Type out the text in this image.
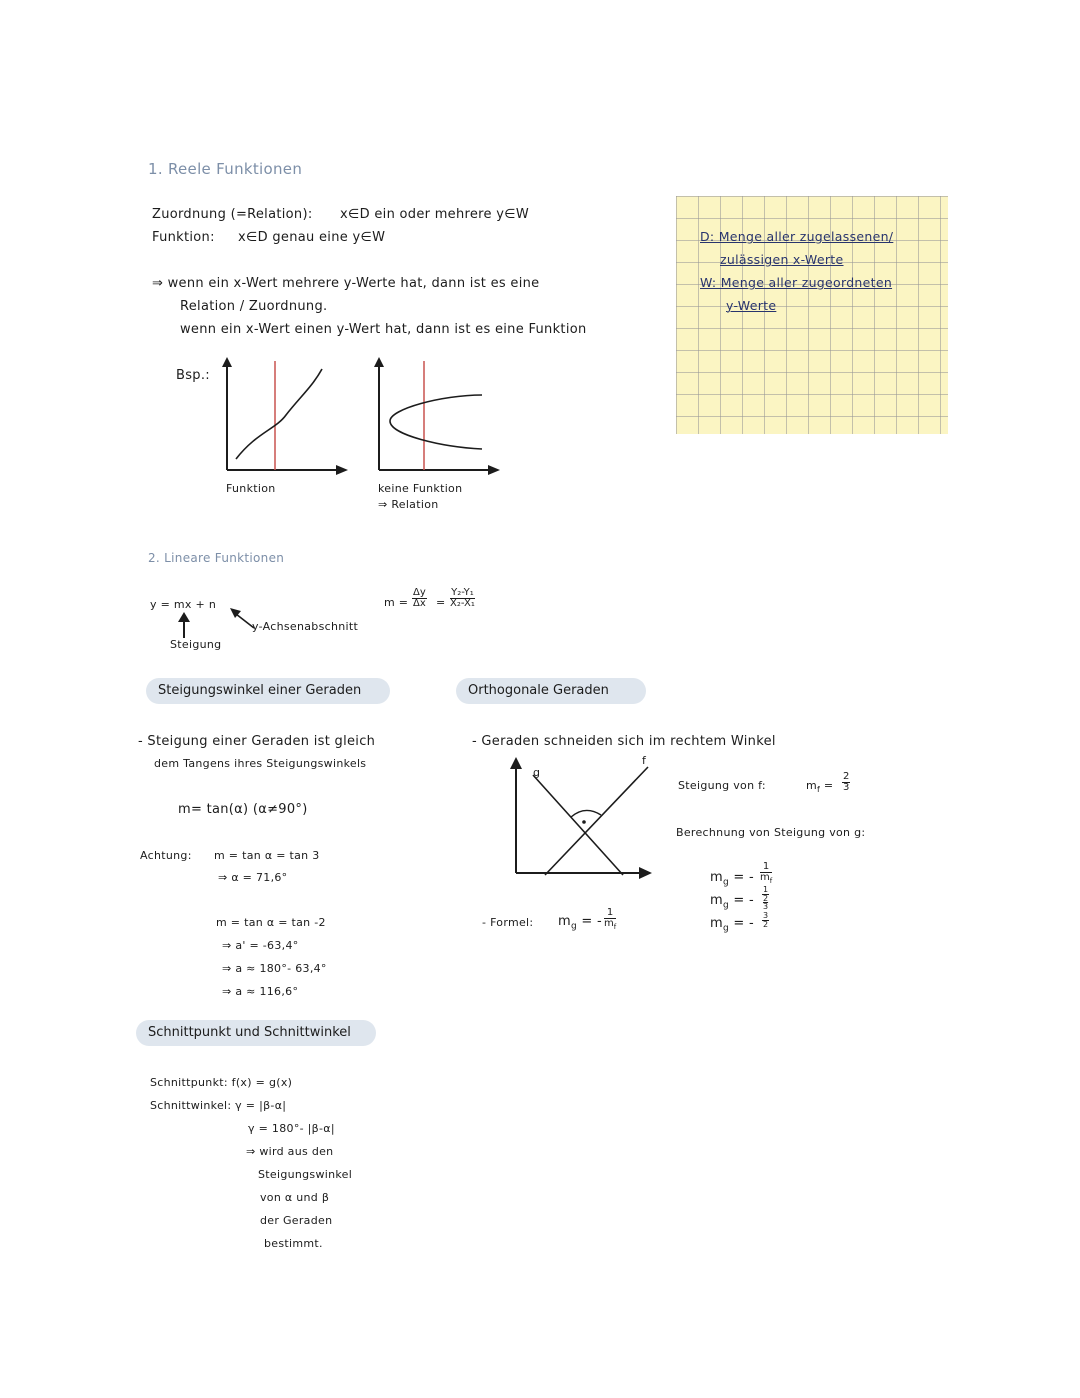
1. Reele Funktionen
Zuordnung (=Relation): x∈D ein oder mehrere y∈W
Funktion: x∈D genau eine y∈W
⇒ wenn ein x-Wert mehrere y-Werte hat, dann ist es eine
Relation / Zuordnung.
wenn ein x-Wert einen y-Wert hat, dann ist es eine Funktion
Bsp.:
Funktion	keine Funktion
⇒ Relation
D: Menge aller zugelassenen/
zulässigen x-Werte
W: Menge aller zugeordneten
y-Werte
2. Lineare Funktionen
y = mx + n
Steigung
y-Achsenabschnitt
$m = \frac{\Delta y}{\Delta x} = \frac{\text{Y₂-Y₁}}{\text{X₂-X₁}}$
Steigungswinkel einer Geraden
- Steigung einer Geraden ist gleich
dem Tangens ihres Steigungswinkels
m= tan(α) (α≠90°)
Achtung: m = tan α = tan 3
⇒ α = 71,6°
m = tan α = tan -2
⇒ a' = -63,4°
⇒ a ≈ 180°- 63,4°
⇒ a ≈ 116,6°
Orthogonale Geraden
- Geraden schneiden sich im rechtem Winkel
g
f
Steigung von f:	$m_f = \frac{2}{3}$
Berechnung von Steigung von g:
- Formel: $m_g$ = - $\frac{1}{m_f}$
$m_g$ = - $\frac{1}{m_f}$
$m_g$ = -
1
2
3
$m_g$ = - $\frac{3}{2}$
Schnittpunkt und Schnittwinkel
Schnittpunkt: f(x) = g(x)
Schnittwinkel: γ = |β-α|
γ = 180°- |β-α|
⇒ wird aus den
Steigungswinkel
von α und β
der Geraden
bestimmt.
